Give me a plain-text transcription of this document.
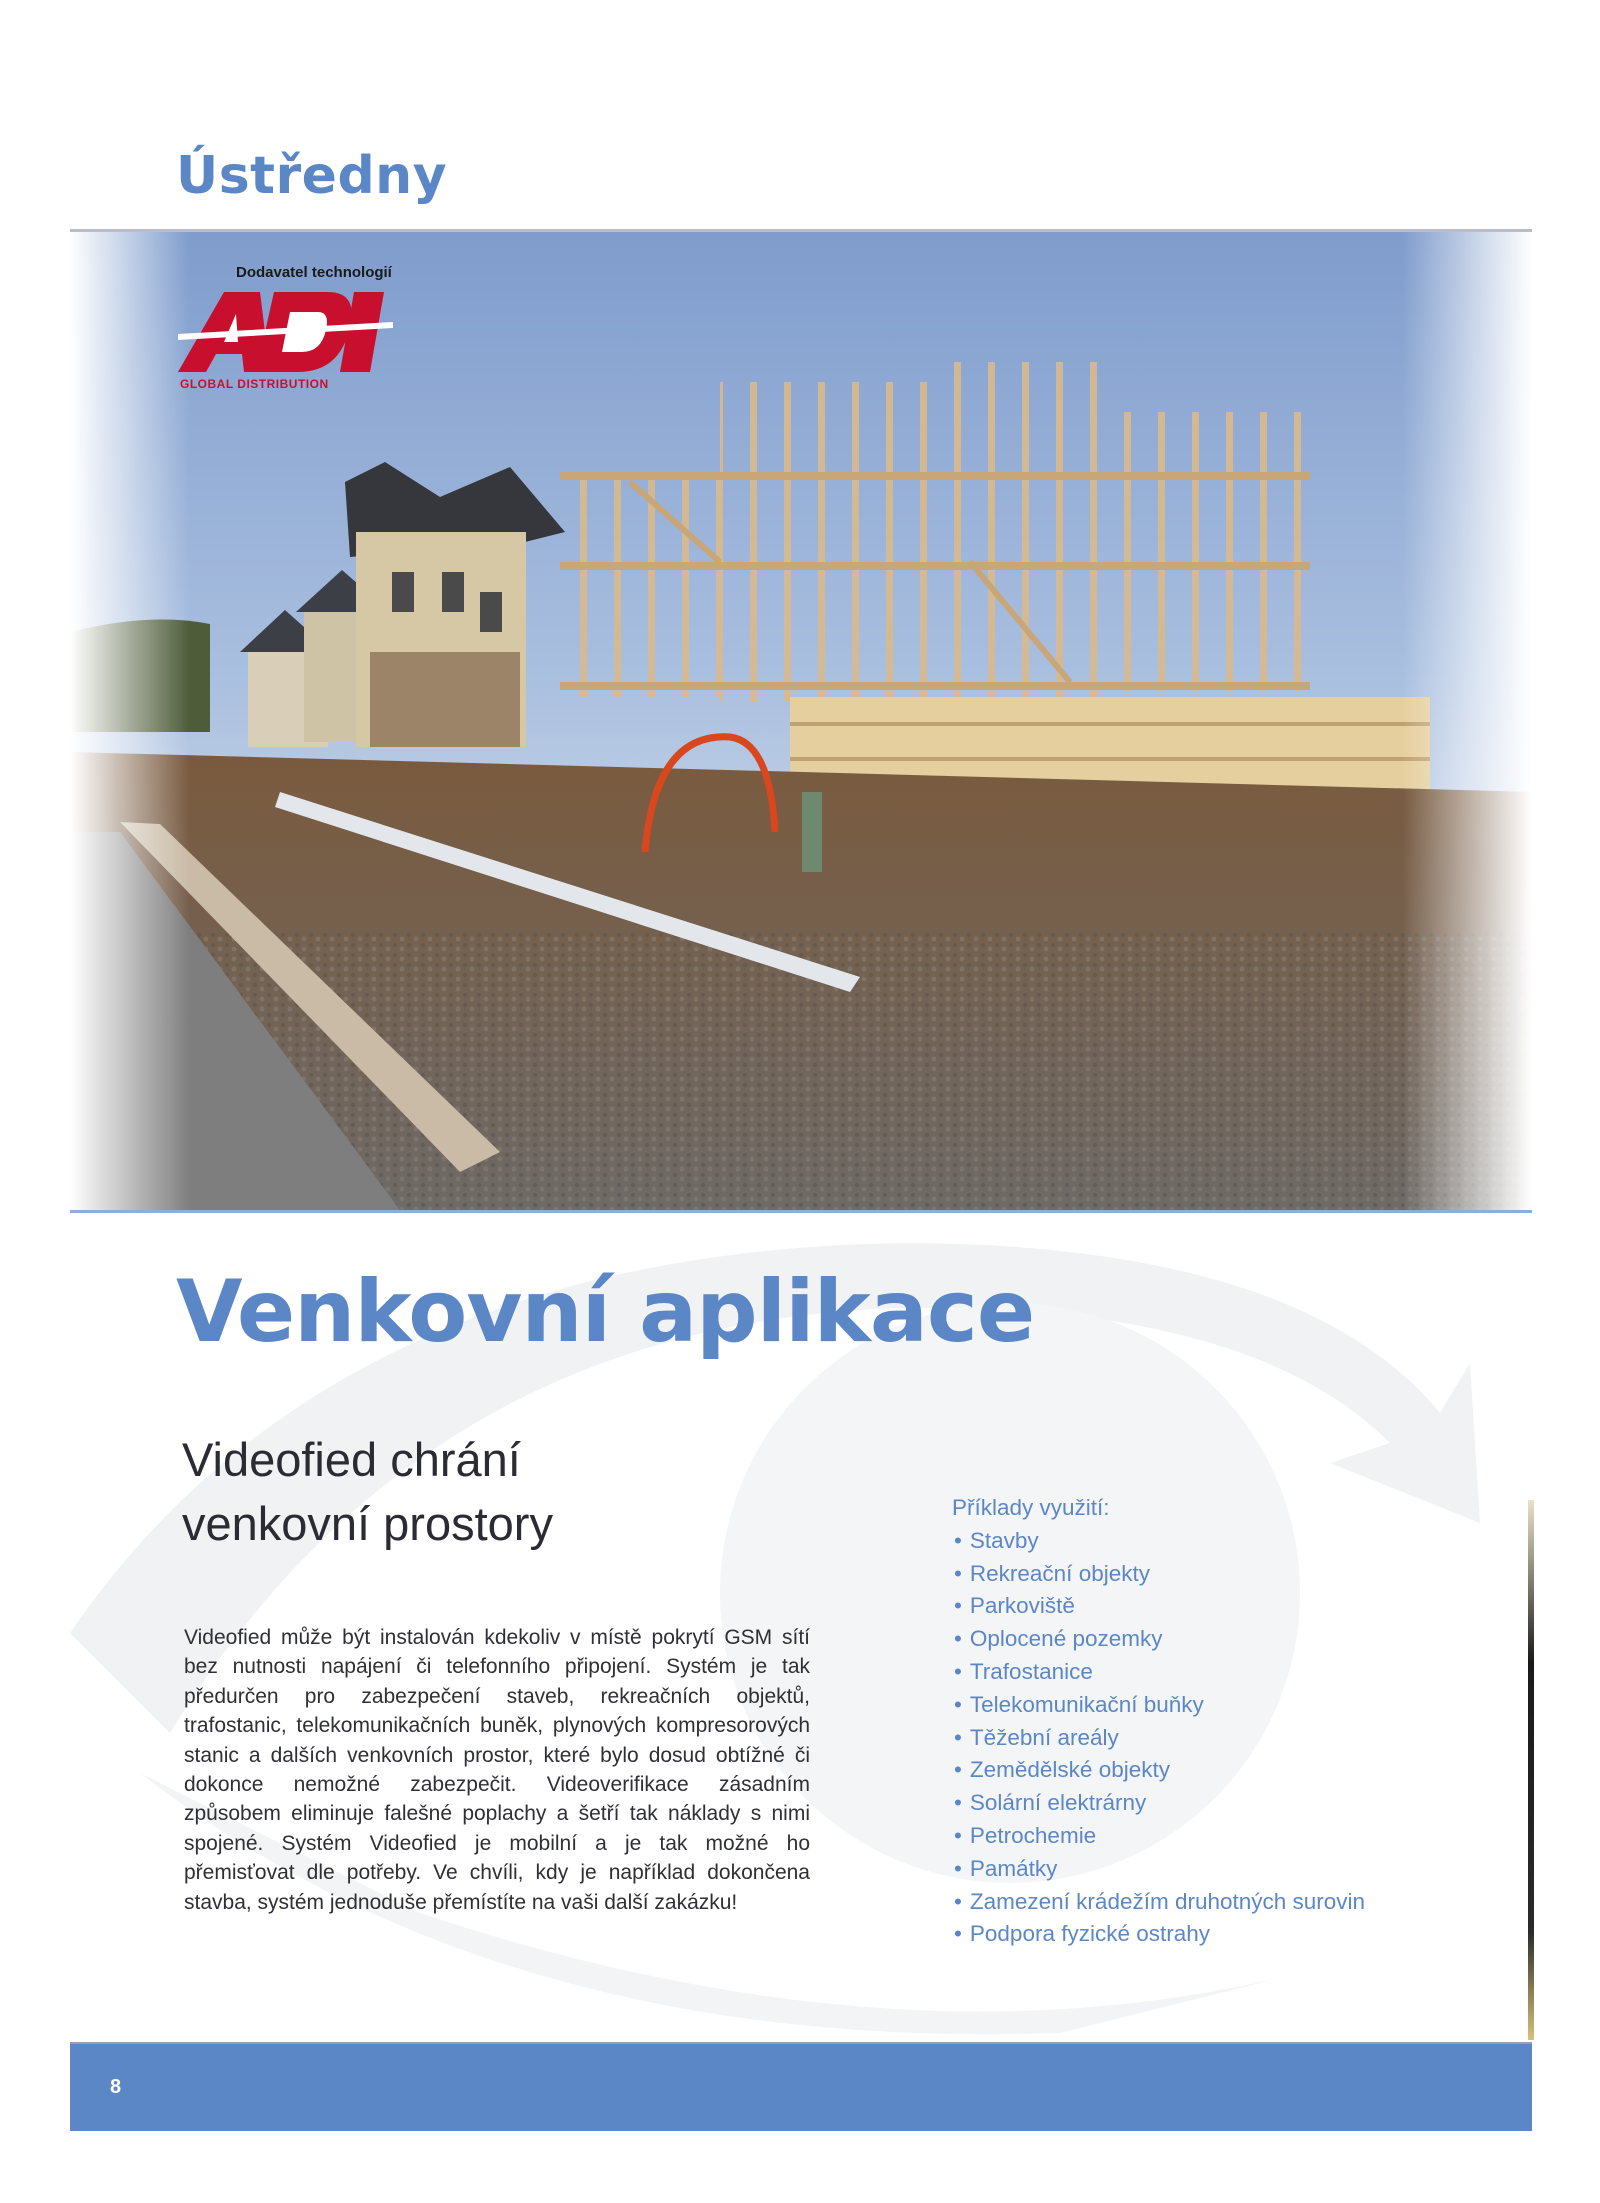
Ústředny
GLOBAL DISTRIBUTION
Dodavatel technologií
Venkovní aplikace
Videofied chrání
venkovní prostory

Videofied může být instalován kdekoliv v místě pokrytí GSM sítí bez nutnosti napájení či telefonního připojení. Systém je tak předurčen pro zabezpečení staveb, rekreačních objektů, trafostanic, telekomunikačních buněk, plynových kompresorových stanic a dalších venkovních prostor, které bylo dosud obtížné či dokonce nemožné zabezpečit. Videoverifikace zásadním způsobem eliminuje falešné poplachy a šetří tak náklady s nimi spojené. Systém Videofied je mobilní a je tak možné ho přemisťovat dle potřeby. Ve chvíli, kdy je například dokončena stavba, systém jednoduše přemístíte na vaši další zakázku!

Příklady využití:
• Stavby
• Rekreační objekty
• Parkoviště
• Oplocené pozemky
• Trafostanice
• Telekomunikační buňky
• Těžební areály
• Zemědělské objekty
• Solární elektrárny
• Petrochemie
• Památky
• Zamezení krádežím druhotných surovin
• Podpora fyzické ostrahy
8
